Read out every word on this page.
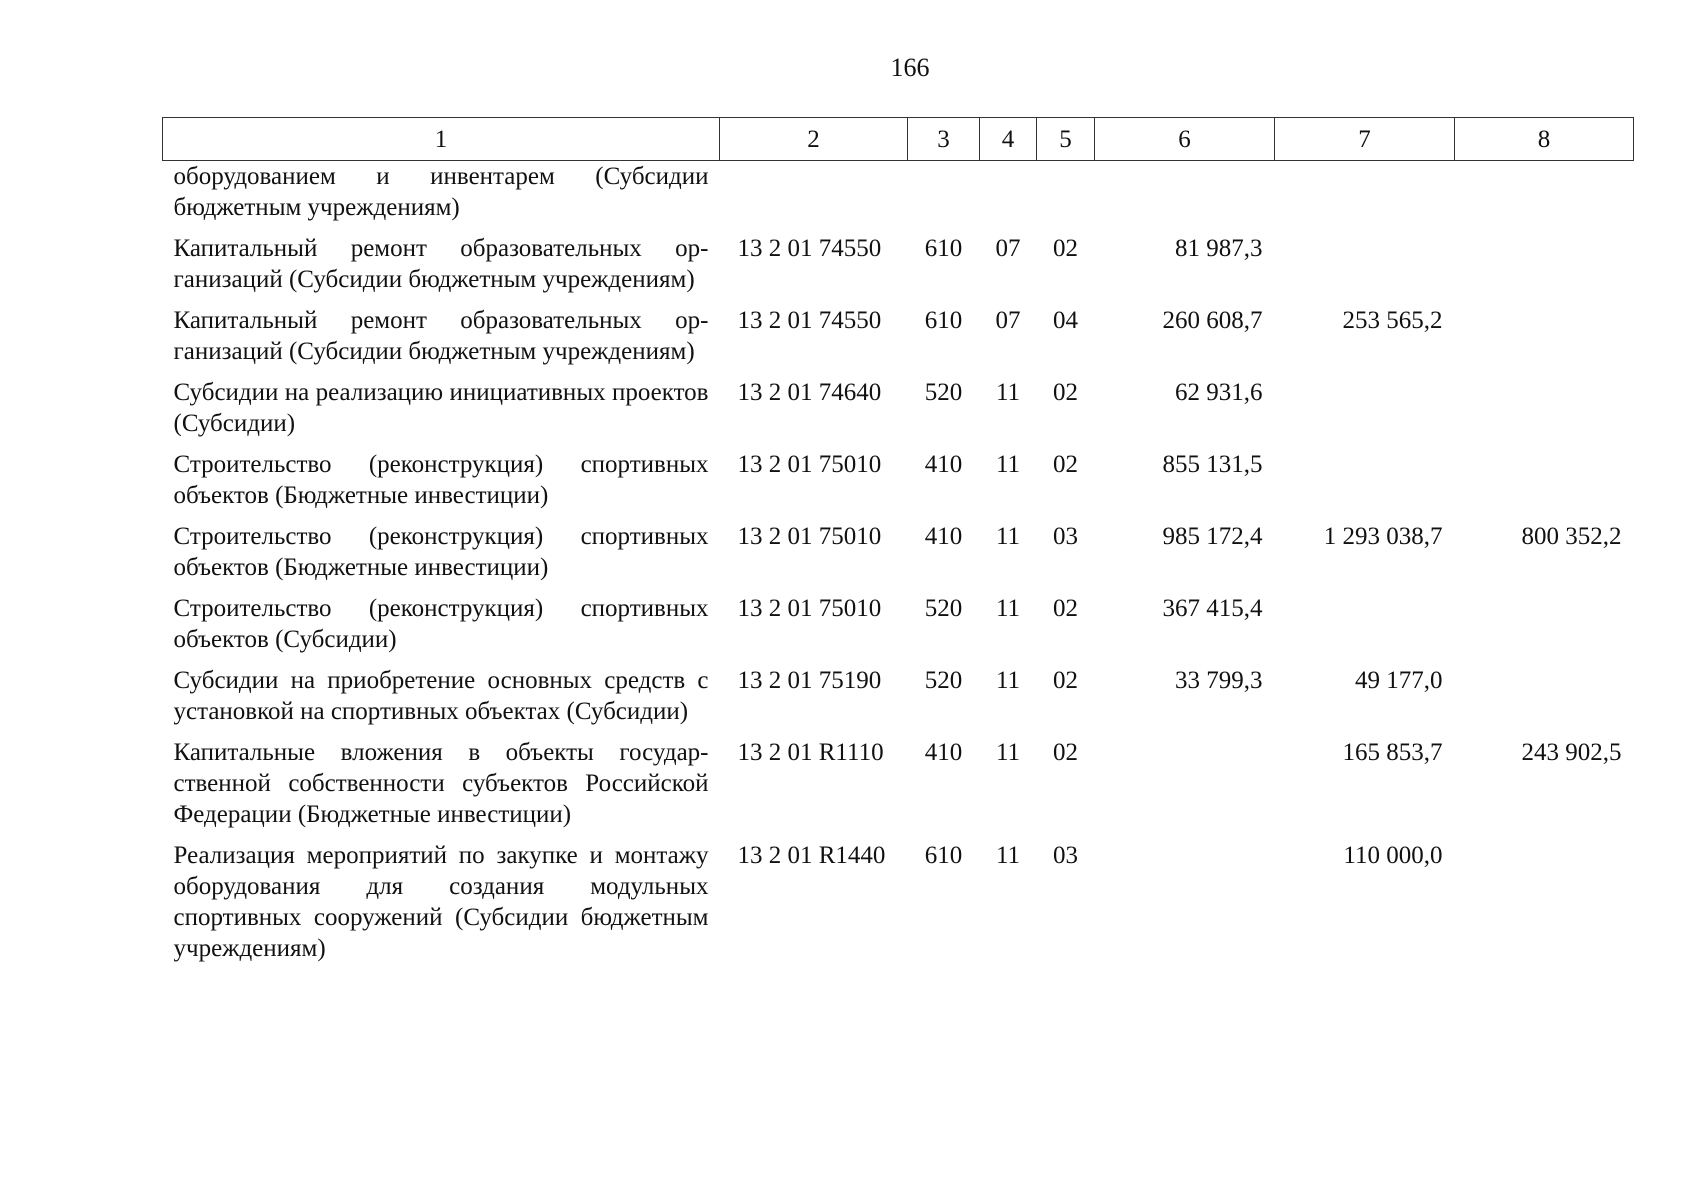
166
1	2	3	4	5	6	7	8
оборудованием и инвентарем (Субсидии бюджетным учреждениям)							
Капитальный ремонт образовательных организаций (Субсидии бюджетным учреждениям)	13 2 01 74550	610	07	02	81 987,3		
Капитальный ремонт образовательных организаций (Субсидии бюджетным учреждениям)	13 2 01 74550	610	07	04	260 608,7	253 565,2	
Субсидии на реализацию инициативных проектов (Субсидии)	13 2 01 74640	520	11	02	62 931,6		
Строительство (реконструкция) спортивных объектов (Бюджетные инвестиции)	13 2 01 75010	410	11	02	855 131,5		
Строительство (реконструкция) спортивных объектов (Бюджетные инвестиции)	13 2 01 75010	410	11	03	985 172,4	1 293 038,7	800 352,2
Строительство (реконструкция) спортивных объектов (Субсидии)	13 2 01 75010	520	11	02	367 415,4		
Субсидии на приобретение основных средств с установкой на спортивных объектах (Субсидии)	13 2 01 75190	520	11	02	33 799,3	49 177,0	
Капитальные вложения в объекты государственной собственности субъектов Российской Федерации (Бюджетные инвестиции)	13 2 01 R1110	410	11	02		165 853,7	243 902,5
Реализация мероприятий по закупке и монтажу оборудования для создания модульных спортивных сооружений (Субсидии бюджетным учреждениям)	13 2 01 R1440	610	11	03		110 000,0	
